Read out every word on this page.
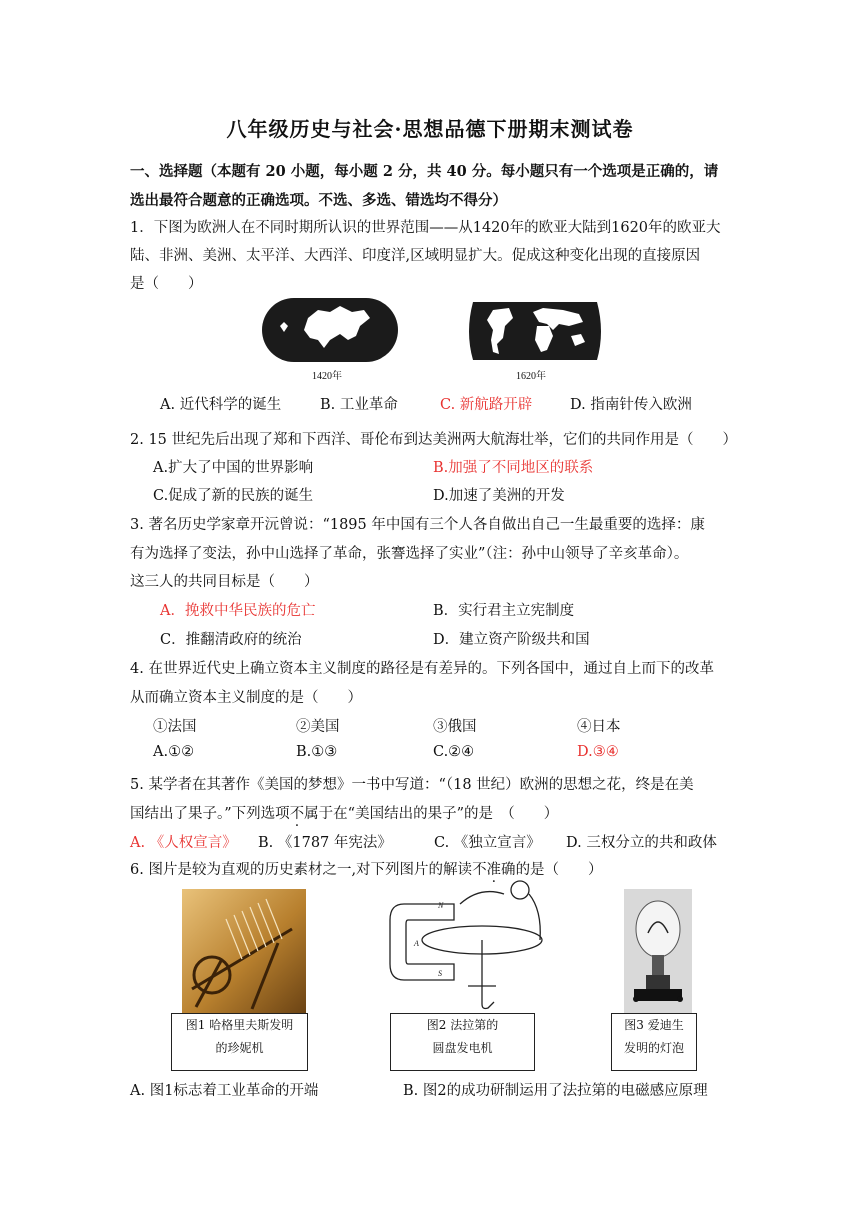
八年级历史与社会·思想品德下册期末测试卷
一、选择题（本题有 20 小题，每小题 2 分，共 40 分。每小题只有一个选项是正确的，请
选出最符合题意的正确选项。不选、多选、错选均不得分）
1．下图为欧洲人在不同时期所认识的世界范围——从1420年的欧亚大陆到1620年的欧亚大
陆、非洲、美洲、太平洋、大西洋、印度洋,区域明显扩大。促成这种变化出现的直接原因
是（　　）
1420年	1620年
A. 近代科学的诞生	B. 工业革命	C. 新航路开辟	D. 指南针传入欧洲
2. 15 世纪先后出现了郑和下西洋、哥伦布到达美洲两大航海壮举，它们的共同作用是（　　）
A.扩大了中国的世界影响	B.加强了不同地区的联系
C.促成了新的民族的诞生	D.加速了美洲的开发
3. 著名历史学家章开沅曾说：“1895 年中国有三个人各自做出自己一生最重要的选择：康
有为选择了变法，孙中山选择了革命，张謇选择了实业”（注：孙中山领导了辛亥革命）。
这三人的共同目标是（　　）
A．挽救中华民族的危亡	B．实行君主立宪制度
C．推翻清政府的统治	D．建立资产阶级共和国
4. 在世界近代史上确立资本主义制度的路径是有差异的。下列各国中，通过自上而下的改革
从而确立资本主义制度的是（　　）
①法国	②美国	③俄国	④日本
A.①②	B.①③	C.②④	D.③④
5. 某学者在其著作《美国的梦想》一书中写道：“（18 世纪）欧洲的思想之花，终是在美
国结出了果子。”下列选项不属于在“美国结出的果子”的是　（　　）
A. 《人权宣言》 B. 《1787 年宪法》	C. 《独立宣言》 D. 三权分立的共和政体
6. 图片是较为直观的历史素材之一,对下列图片的解读不准确的是（　　）
图1 哈格里夫斯发明
的珍妮机
N
S
A
图2 法拉第的
圆盘发电机
图3 爱迪生
发明的灯泡
A. 图1标志着工业革命的开端	B. 图2的成功研制运用了法拉第的电磁感应原理
